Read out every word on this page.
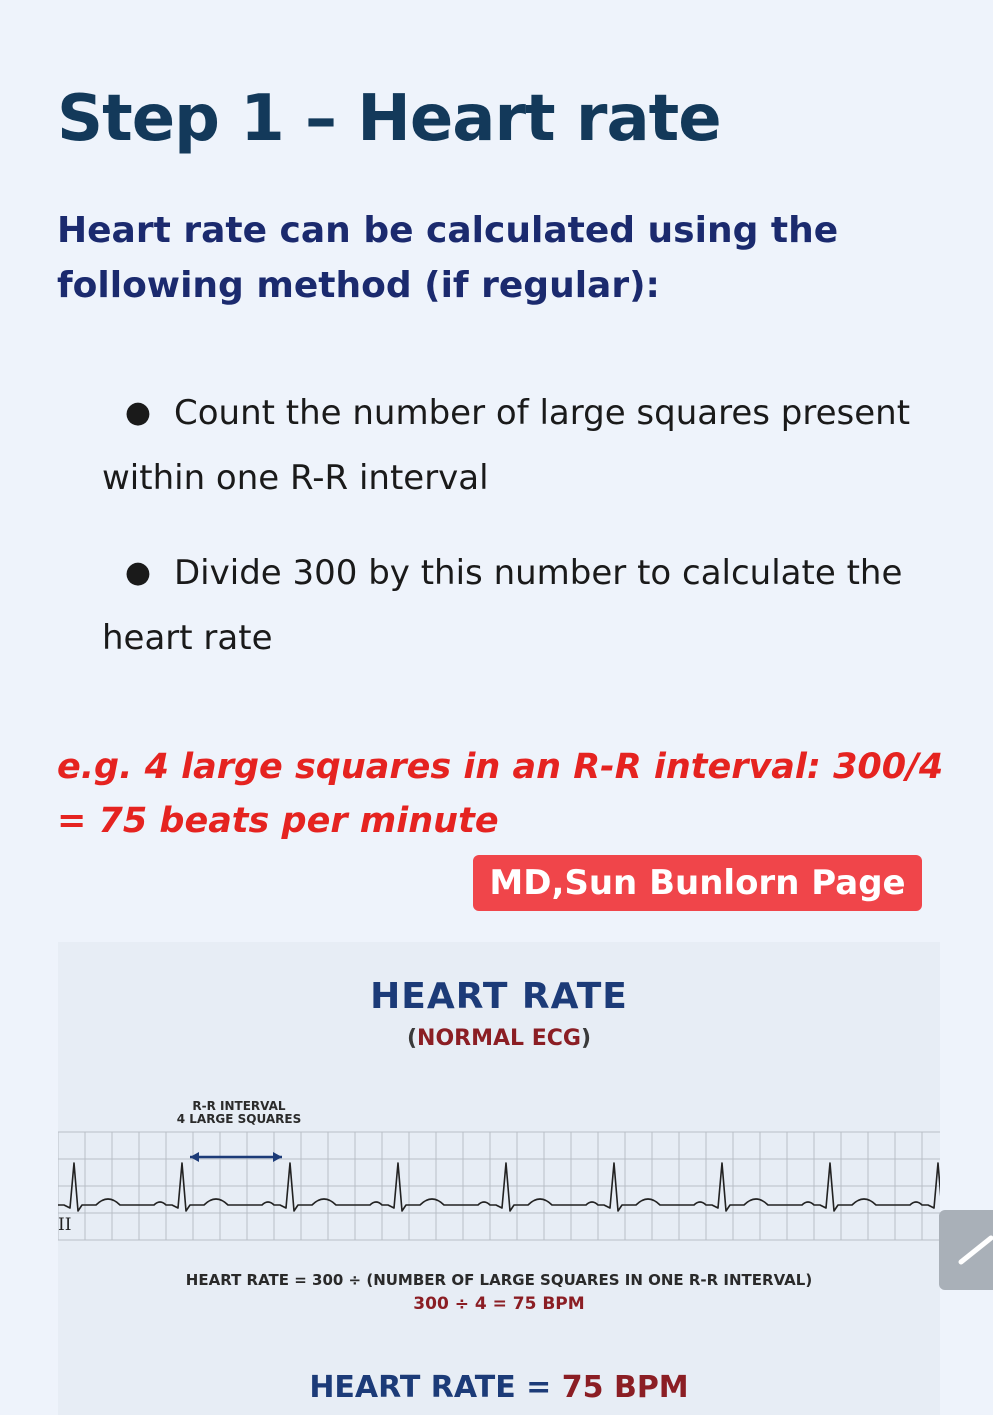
Step 1 – Heart rate

Heart rate can be calculated using the following method (if regular):

● Count the number of large squares present within one R-R interval
● Divide 300 by this number to calculate the heart rate

e.g. 4 large squares in an R-R interval: 300/4 = 75 beats per minute

MD,Sun Bunlorn Page
HEART RATE
(NORMAL ECG)
R-R INTERVAL
4 LARGE SQUARES
II
HEART RATE = 300 ÷ (NUMBER OF LARGE SQUARES IN ONE R-R INTERVAL)
300 ÷ 4 = 75 BPM
HEART RATE = 75 BPM
